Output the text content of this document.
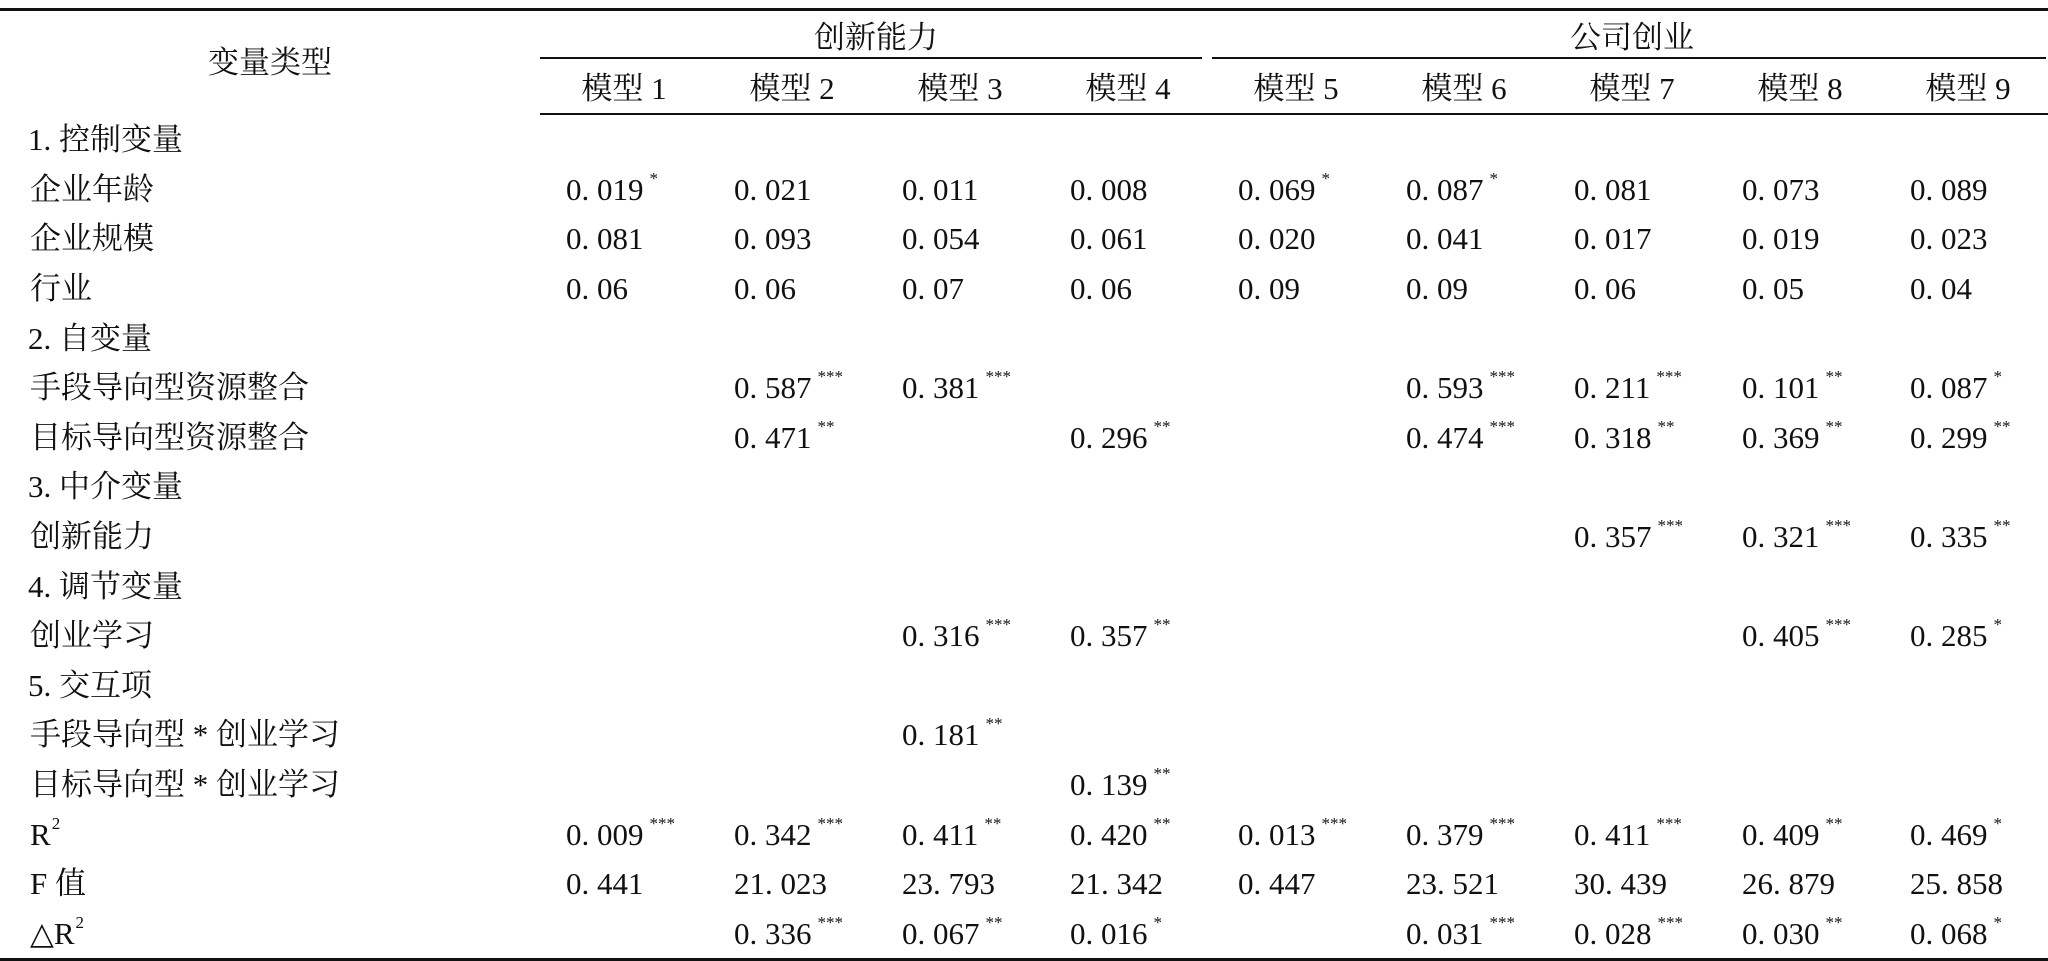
变量类型	创新能力				公司创业				
	模型 1	模型 2	模型 3	模型 4	模型 5	模型 6	模型 7	模型 8	模型 9
1. 控制变量									
企业年龄	0. 019 *	0. 021	0. 011	0. 008	0. 069 *	0. 087 *	0. 081	0. 073	0. 089
企业规模	0. 081	0. 093	0. 054	0. 061	0. 020	0. 041	0. 017	0. 019	0. 023
行业	0. 06	0. 06	0. 07	0. 06	0. 09	0. 09	0. 06	0. 05	0. 04
2. 自变量									
手段导向型资源整合		0. 587 ***	0. 381 ***			0. 593 ***	0. 211 ***	0. 101 **	0. 087 *
目标导向型资源整合		0. 471 **		0. 296 **		0. 474 ***	0. 318 **	0. 369 **	0. 299 **
3. 中介变量									
创新能力							0. 357 ***	0. 321 ***	0. 335 **
4. 调节变量									
创业学习			0. 316 ***	0. 357 **				0. 405 ***	0. 285 *
5. 交互项									
手段导向型 * 创业学习			0. 181 **						
目标导向型 * 创业学习				0. 139 **					
$R^2$	0. 009 ***	0. 342 ***	0. 411 **	0. 420 **	0. 013 ***	0. 379 ***	0. 411 ***	0. 409 **	0. 469 *
F 值	0. 441	21. 023	23. 793	21. 342	0. 447	23. 521	30. 439	26. 879	25. 858
$\triangle R^2$		0. 336 ***	0. 067 **	0. 016 *		0. 031 ***	0. 028 ***	0. 030 **	0. 068 *
